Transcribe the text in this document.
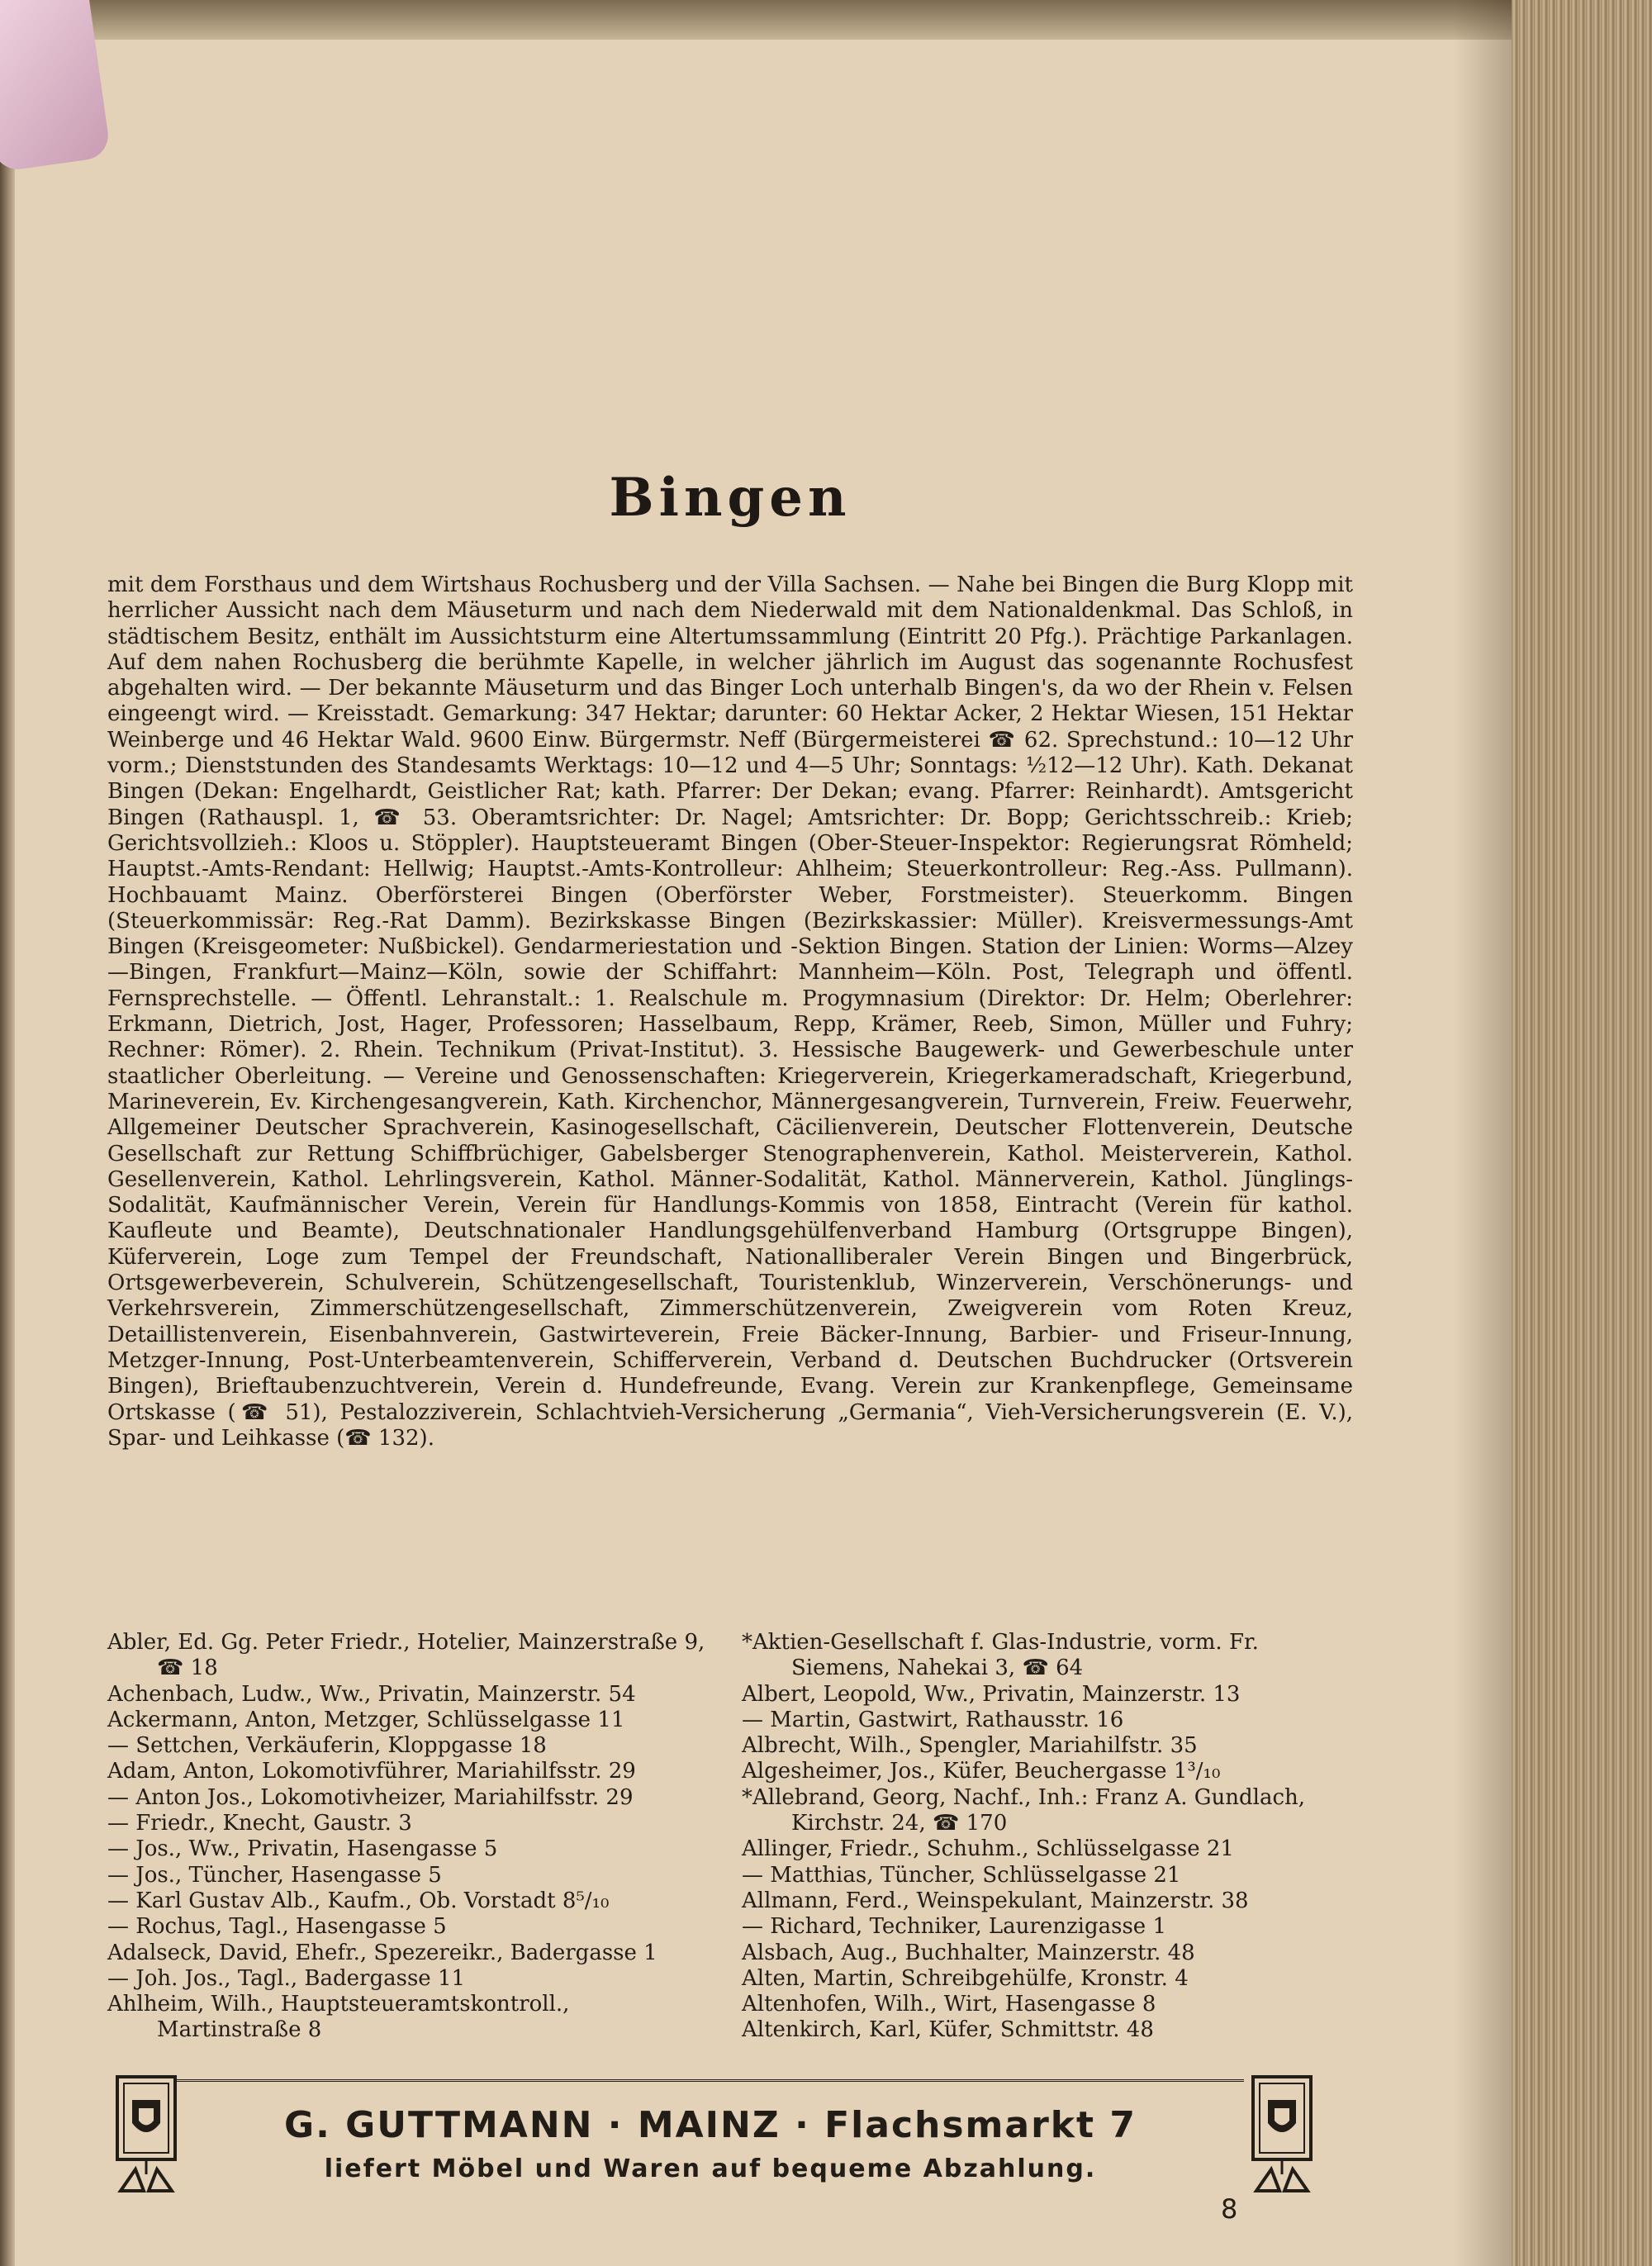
Bingen
mit dem Forsthaus und dem Wirtshaus Rochusberg und der Villa Sachsen. — Nahe bei Bingen die Burg Klopp mit herrlicher Aussicht nach dem Mäuseturm und nach dem Niederwald mit dem Nationaldenkmal. Das Schloß, in städtischem Besitz, enthält im Aussichtsturm eine Altertumssammlung (Eintritt 20 Pfg.). Prächtige Parkanlagen. Auf dem nahen Rochusberg die berühmte Kapelle, in welcher jährlich im August das sogenannte Rochusfest abgehalten wird. — Der bekannte Mäuseturm und das Binger Loch unterhalb Bingen's, da wo der Rhein v. Felsen eingeengt wird. — Kreisstadt. Gemarkung: 347 Hektar; darunter: 60 Hektar Acker, 2 Hektar Wiesen, 151 Hektar Weinberge und 46 Hektar Wald. 9600 Einw. Bürgermstr. Neff (Bürgermeisterei ☎ 62. Sprechstund.: 10—12 Uhr vorm.; Dienststunden des Standesamts Werktags: 10—12 und 4—5 Uhr; Sonntags: ½12—12 Uhr). Kath. Dekanat Bingen (Dekan: Engelhardt, Geistlicher Rat; kath. Pfarrer: Der Dekan; evang. Pfarrer: Reinhardt). Amtsgericht Bingen (Rathauspl. 1, ☎ 53. Oberamtsrichter: Dr. Nagel; Amtsrichter: Dr. Bopp; Gerichtsschreib.: Krieb; Gerichtsvollzieh.: Kloos u. Stöppler). Hauptsteueramt Bingen (Ober-Steuer-Inspektor: Regierungsrat Römheld; Hauptst.-Amts-Rendant: Hellwig; Hauptst.-Amts-Kontrolleur: Ahlheim; Steuerkontrolleur: Reg.-Ass. Pullmann). Hochbauamt Mainz. Oberförsterei Bingen (Oberförster Weber, Forstmeister). Steuerkomm. Bingen (Steuerkommissär: Reg.-Rat Damm). Bezirkskasse Bingen (Bezirkskassier: Müller). Kreisvermessungs-Amt Bingen (Kreisgeometer: Nußbickel). Gendarmeriestation und -Sektion Bingen. Station der Linien: Worms—Alzey—Bingen, Frankfurt—Mainz—Köln, sowie der Schiffahrt: Mannheim—Köln. Post, Telegraph und öffentl. Fernsprechstelle. — Öffentl. Lehranstalt.: 1. Realschule m. Progymnasium (Direktor: Dr. Helm; Oberlehrer: Erkmann, Dietrich, Jost, Hager, Professoren; Hasselbaum, Repp, Krämer, Reeb, Simon, Müller und Fuhry; Rechner: Römer). 2. Rhein. Technikum (Privat-Institut). 3. Hessische Baugewerk- und Gewerbeschule unter staatlicher Oberleitung. — Vereine und Genossenschaften: Kriegerverein, Kriegerkameradschaft, Kriegerbund, Marineverein, Ev. Kirchengesangverein, Kath. Kirchenchor, Männergesangverein, Turnverein, Freiw. Feuerwehr, Allgemeiner Deutscher Sprachverein, Kasinogesellschaft, Cäcilienverein, Deutscher Flottenverein, Deutsche Gesellschaft zur Rettung Schiffbrüchiger, Gabelsberger Stenographenverein, Kathol. Meisterverein, Kathol. Gesellenverein, Kathol. Lehrlingsverein, Kathol. Männer-Sodalität, Kathol. Männerverein, Kathol. Jünglings-Sodalität, Kaufmännischer Verein, Verein für Handlungs-Kommis von 1858, Eintracht (Verein für kathol. Kaufleute und Beamte), Deutschnationaler Handlungsgehülfenverband Hamburg (Ortsgruppe Bingen), Küferverein, Loge zum Tempel der Freundschaft, Nationalliberaler Verein Bingen und Bingerbrück, Ortsgewerbeverein, Schulverein, Schützengesellschaft, Touristenklub, Winzerverein, Verschönerungs- und Verkehrsverein, Zimmerschützengesellschaft, Zimmerschützenverein, Zweigverein vom Roten Kreuz, Detaillistenverein, Eisenbahnverein, Gastwirteverein, Freie Bäcker-Innung, Barbier- und Friseur-Innung, Metzger-Innung, Post-Unterbeamtenverein, Schifferverein, Verband d. Deutschen Buchdrucker (Ortsverein Bingen), Brieftaubenzuchtverein, Verein d. Hundefreunde, Evang. Verein zur Krankenpflege, Gemeinsame Ortskasse (☎ 51), Pestalozziverein, Schlachtvieh-Versicherung „Germania“, Vieh-Versicherungsverein (E. V.), Spar- und Leihkasse (☎ 132).
Abler, Ed. Gg. Peter Friedr., Hotelier, Mainzerstraße 9, ☎ 18
Achenbach, Ludw., Ww., Privatin, Mainzerstr. 54
Ackermann, Anton, Metzger, Schlüsselgasse 11
— Settchen, Verkäuferin, Kloppgasse 18
Adam, Anton, Lokomotivführer, Mariahilfsstr. 29
— Anton Jos., Lokomotivheizer, Mariahilfsstr. 29
— Friedr., Knecht, Gaustr. 3
— Jos., Ww., Privatin, Hasengasse 5
— Jos., Tüncher, Hasengasse 5
— Karl Gustav Alb., Kaufm., Ob. Vorstadt 8⁵/₁₀
— Rochus, Tagl., Hasengasse 5
Adalseck, David, Ehefr., Spezereikr., Badergasse 1
— Joh. Jos., Tagl., Badergasse 11
Ahlheim, Wilh., Hauptsteueramtskontroll., Martinstraße 8
*Aktien-Gesellschaft f. Glas-Industrie, vorm. Fr. Siemens, Nahekai 3, ☎ 64
Albert, Leopold, Ww., Privatin, Mainzerstr. 13
— Martin, Gastwirt, Rathausstr. 16
Albrecht, Wilh., Spengler, Mariahilfstr. 35
Algesheimer, Jos., Küfer, Beuchergasse 1³/₁₀
*Allebrand, Georg, Nachf., Inh.: Franz A. Gundlach, Kirchstr. 24, ☎ 170
Allinger, Friedr., Schuhm., Schlüsselgasse 21
— Matthias, Tüncher, Schlüsselgasse 21
Allmann, Ferd., Weinspekulant, Mainzerstr. 38
— Richard, Techniker, Laurenzigasse 1
Alsbach, Aug., Buchhalter, Mainzerstr. 48
Alten, Martin, Schreibgehülfe, Kronstr. 4
Altenhofen, Wilh., Wirt, Hasengasse 8
Altenkirch, Karl, Küfer, Schmittstr. 48
G. GUTTMANN · MAINZ · Flachsmarkt 7
liefert Möbel und Waren auf bequeme Abzahlung.
8
